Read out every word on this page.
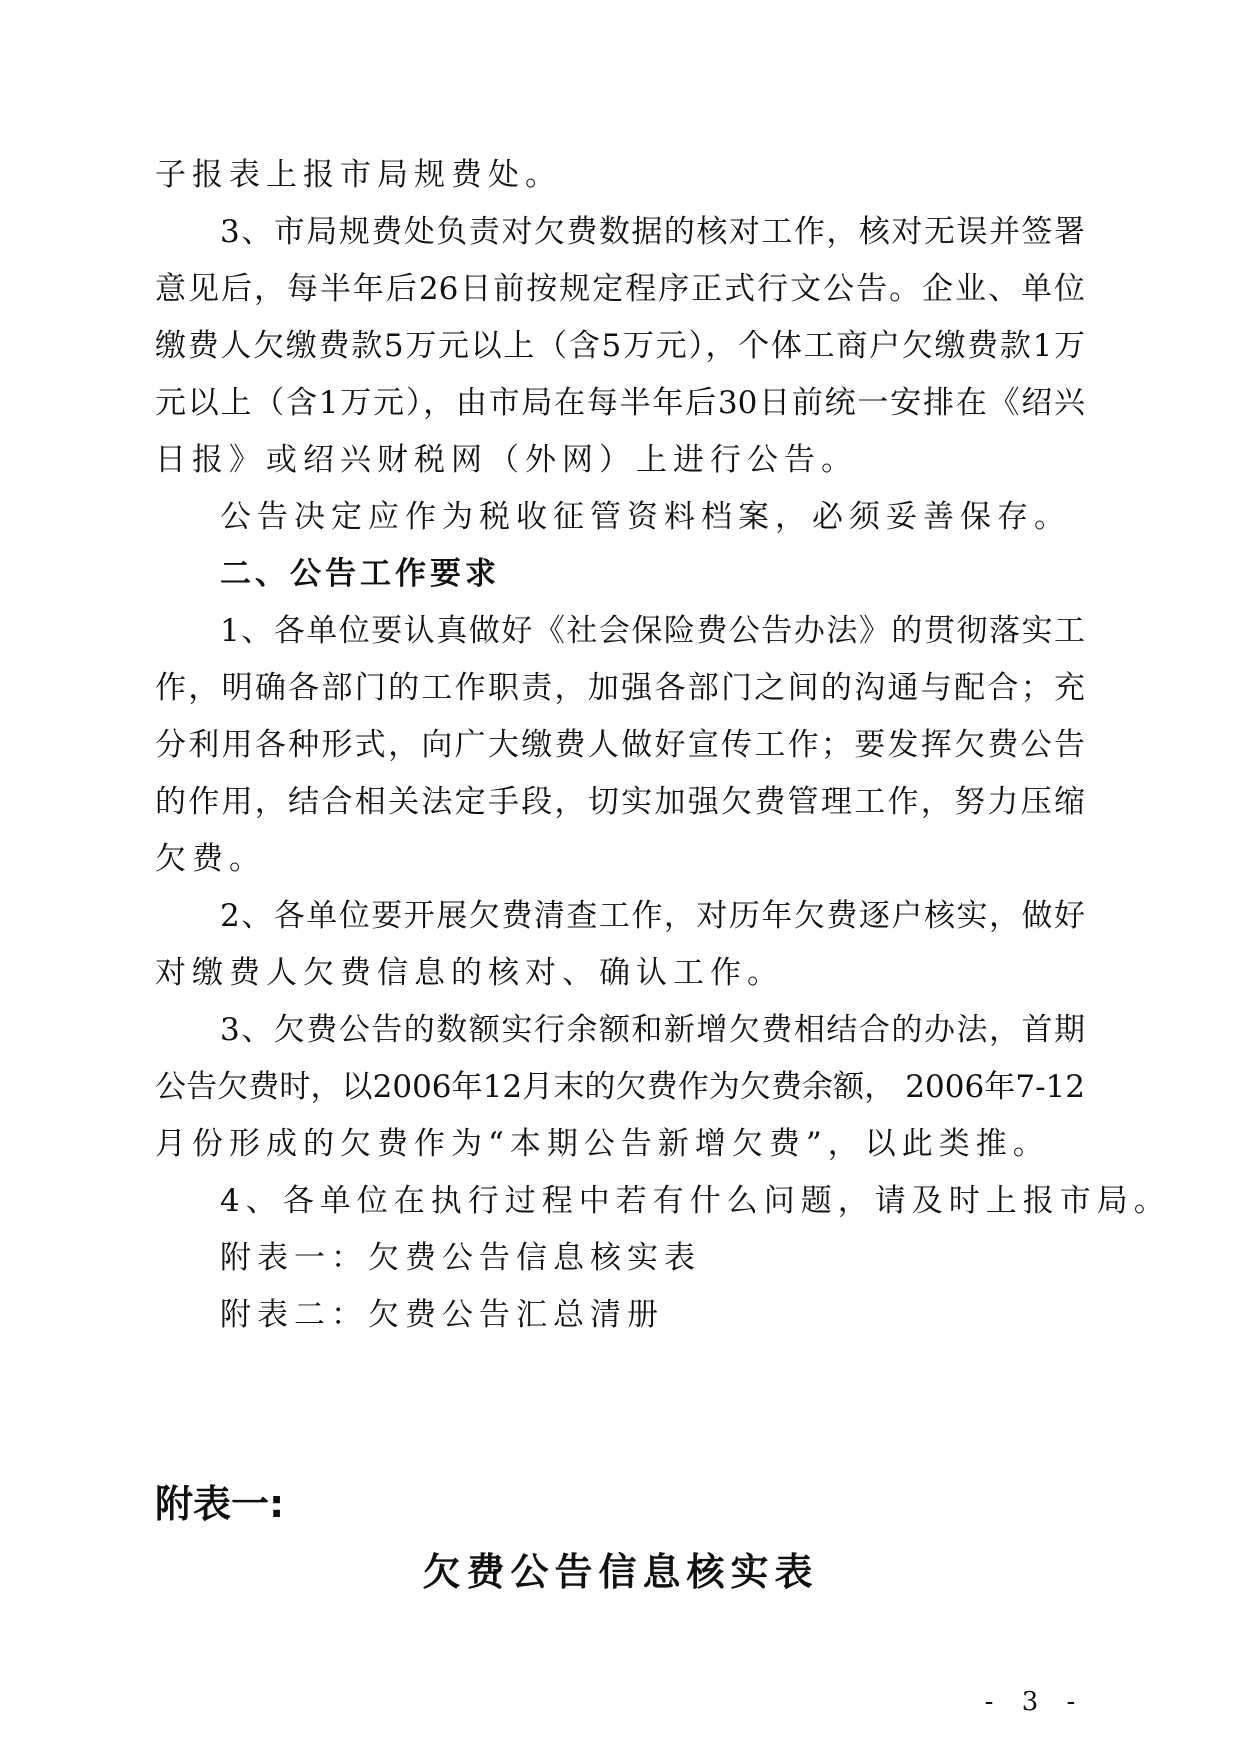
子报表上报市局规费处。
3、市局规费处负责对欠费数据的核对工作，核对无误并签署
意见后，每半年后26日前按规定程序正式行文公告。企业、单位
缴费人欠缴费款5万元以上（含5万元），个体工商户欠缴费款1万
元以上（含1万元），由市局在每半年后30日前统一安排在《绍兴
日报》或绍兴财税网（外网）上进行公告。
公告决定应作为税收征管资料档案，必须妥善保存。
二、公告工作要求
1、各单位要认真做好《社会保险费公告办法》的贯彻落实工
作，明确各部门的工作职责，加强各部门之间的沟通与配合；充
分利用各种形式，向广大缴费人做好宣传工作；要发挥欠费公告
的作用，结合相关法定手段，切实加强欠费管理工作，努力压缩
欠费。
2、各单位要开展欠费清查工作，对历年欠费逐户核实，做好
对缴费人欠费信息的核对、确认工作。
3、欠费公告的数额实行余额和新增欠费相结合的办法，首期
公告欠费时，以2006年12月末的欠费作为欠费余额， 2006年7-12
月份形成的欠费作为“本期公告新增欠费”，以此类推。
4、各单位在执行过程中若有什么问题，请及时上报市局。
附表一：欠费公告信息核实表
附表二：欠费公告汇总清册
附表一:
欠费公告信息核实表
- 3 -
